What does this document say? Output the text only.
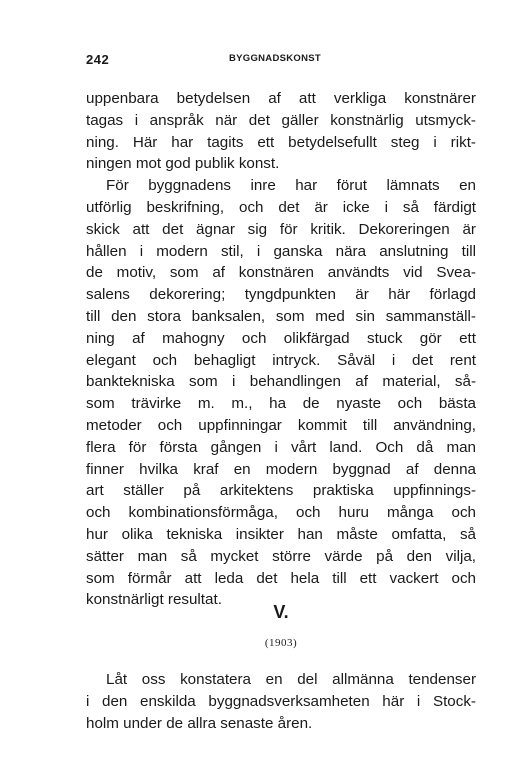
242	BYGGNADSKONST
uppenbara betydelsen af att verkliga konstnärer
tagas i anspråk när det gäller konstnärlig utsmyck-
ning. Här har tagits ett betydelsefullt steg i rikt-
ningen mot god publik konst.
För byggnadens inre har förut lämnats en
utförlig beskrifning, och det är icke i så färdigt
skick att det ägnar sig för kritik. Dekoreringen är
hållen i modern stil, i ganska nära anslutning till
de motiv, som af konstnären användts vid Svea-
salens dekorering; tyngdpunkten är här förlagd
till den stora banksalen, som med sin sammanställ-
ning af mahogny och olikfärgad stuck gör ett
elegant och behagligt intryck. Såväl i det rent
banktekniska som i behandlingen af material, så-
som trävirke m. m., ha de nyaste och bästa
metoder och uppfinningar kommit till användning,
flera för första gången i vårt land. Och då man
finner hvilka kraf en modern byggnad af denna
art ställer på arkitektens praktiska uppfinnings-
och kombinationsförmåga, och huru många och
hur olika tekniska insikter han måste omfatta, så
sätter man så mycket större värde på den vilja,
som förmår att leda det hela till ett vackert och
konstnärligt resultat.
V.
(1903)
Låt oss konstatera en del allmänna tendenser
i den enskilda byggnadsverksamheten här i Stock-
holm under de allra senaste åren.
